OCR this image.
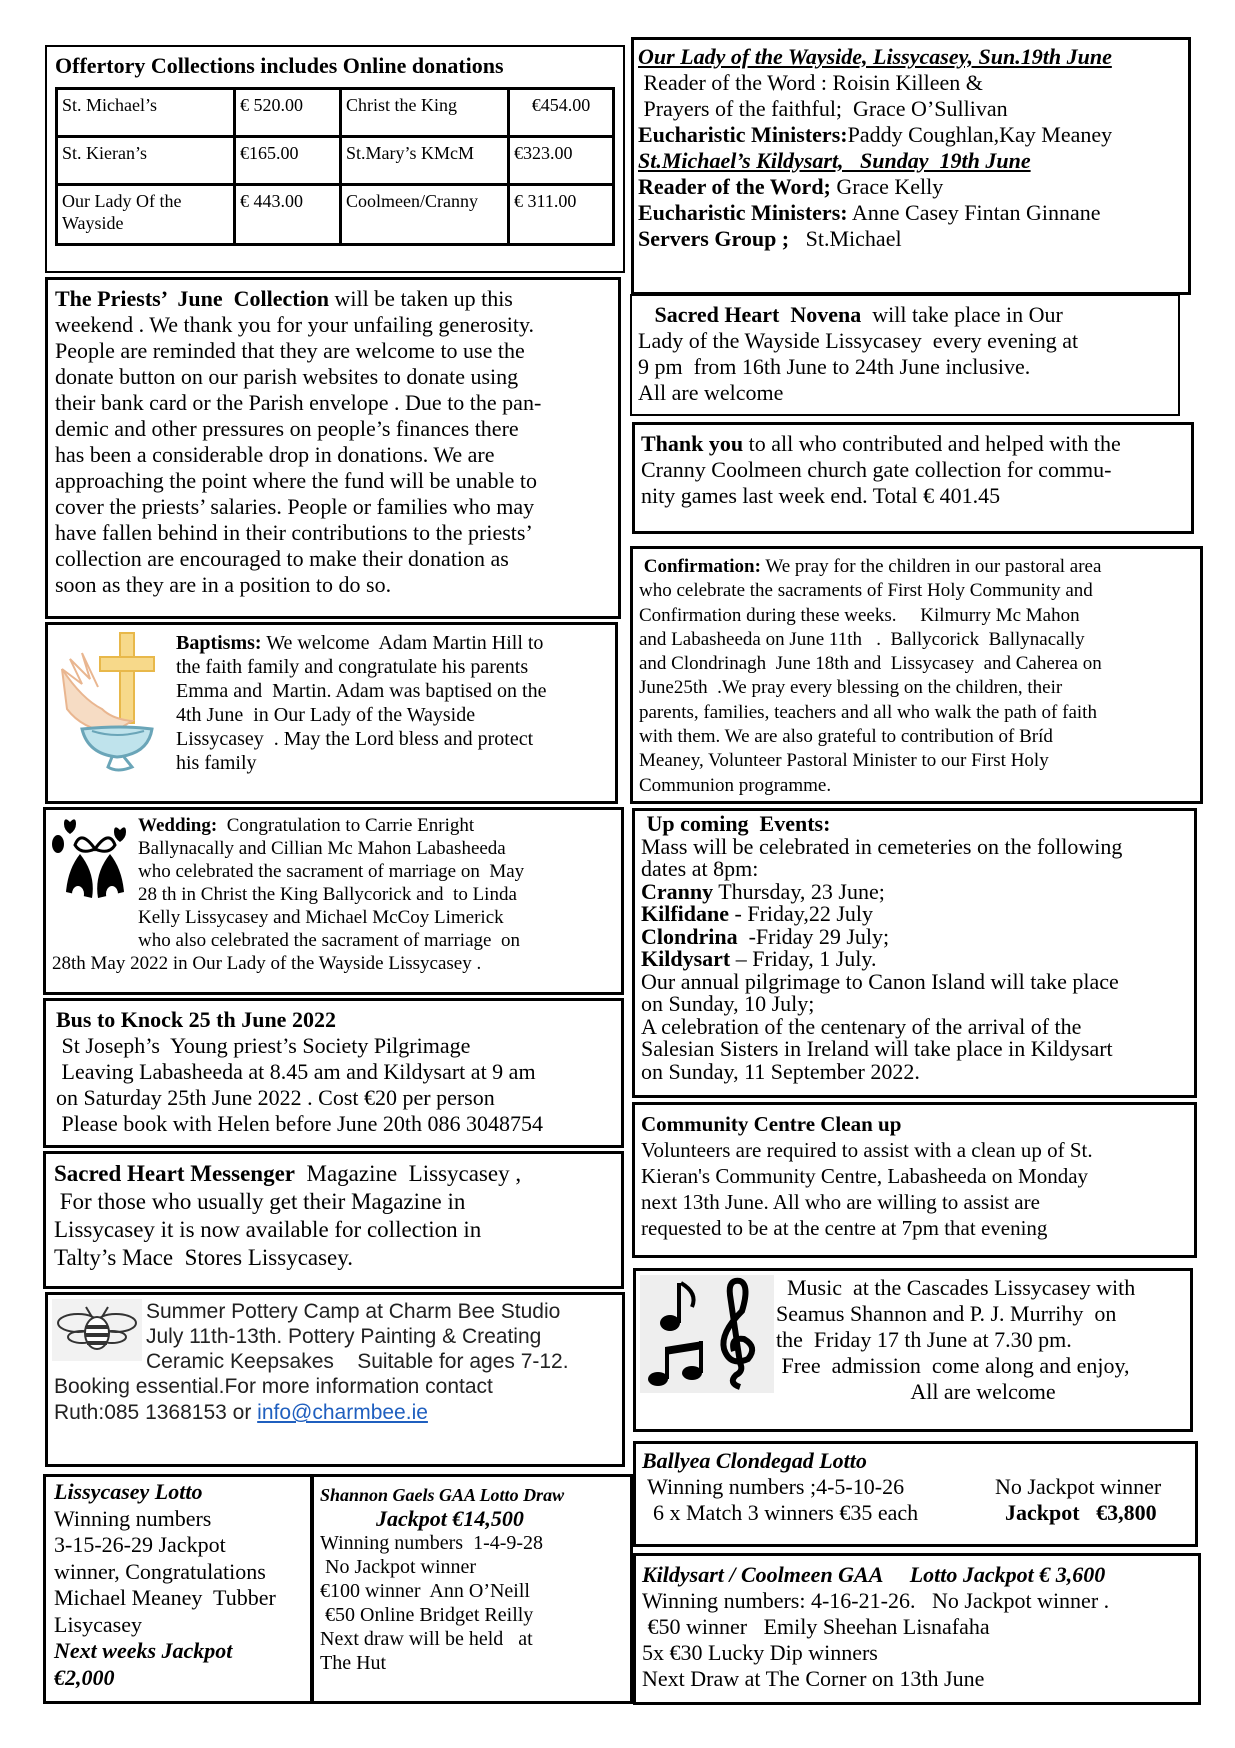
Offertory Collections includes Online donations
St. Michael’s	€ 520.00	Christ the King	€454.00
St. Kieran’s	€165.00	St.Mary’s KMcM	€323.00
Our Lady Of the Wayside	€ 443.00	Coolmeen/Cranny	€ 311.00
The Priests’  June  Collection will be taken up this
weekend . We thank you for your unfailing generosity.
People are reminded that they are welcome to use the
donate button on our parish websites to donate using
their bank card or the Parish envelope . Due to the pan-
demic and other pressures on people’s finances there
has been a considerable drop in donations. We are
approaching the point where the fund will be unable to
cover the priests’ salaries. People or families who may
have fallen behind in their contributions to the priests’
collection are encouraged to make their donation as
soon as they are in a position to do so.
Baptisms: We welcome  Adam Martin Hill to
the faith family and congratulate his parents
Emma and  Martin. Adam was baptised on the
4th June  in Our Lady of the Wayside
Lissycasey  . May the Lord bless and protect
his family
Wedding:  Congratulation to Carrie Enright
Ballynacally and Cillian Mc Mahon Labasheeda
who celebrated the sacrament of marriage on  May
28 th in Christ the King Ballycorick and  to Linda
Kelly Lissycasey and Michael McCoy Limerick
who also celebrated the sacrament of marriage  on
28th May 2022 in Our Lady of the Wayside Lissycasey .
Bus to Knock 25 th June 2022
St Joseph’s  Young priest’s Society Pilgrimage
Leaving Labasheeda at 8.45 am and Kildysart at 9 am
on Saturday 25th June 2022 . Cost €20 per person
Please book with Helen before June 20th 086 3048754
Sacred Heart Messenger  Magazine  Lissycasey ,
For those who usually get their Magazine in
Lissycasey it is now available for collection in
Talty’s Mace  Stores Lissycasey.
Summer Pottery Camp at Charm Bee Studio
July 11th-13th. Pottery Painting & Creating
Ceramic Keepsakes    Suitable for ages 7-12.
Booking essential.For more information contact
Ruth:085 1368153 or info@charmbee.ie
Lissycasey Lotto
Winning numbers
3-15-26-29 Jackpot
winner, Congratulations
Michael Meaney  Tubber
Lisycasey
Next weeks Jackpot
€2,000
Shannon Gaels GAA Lotto Draw
Jackpot €14,500
Winning numbers  1-4-9-28
No Jackpot winner
€100 winner  Ann O’Neill
€50 Online Bridget Reilly
Next draw will be held   at
The Hut
Our Lady of the Wayside, Lissycasey, Sun.19th June
Reader of the Word : Roisin Killeen &
Prayers of the faithful;  Grace O’Sullivan
Eucharistic Ministers:Paddy Coughlan,Kay Meaney
St.Michael’s Kildysart,   Sunday  19th June
Reader of the Word; Grace Kelly
Eucharistic Ministers: Anne Casey Fintan Ginnane
Servers Group ;   St.Michael
Sacred Heart  Novena  will take place in Our
Lady of the Wayside Lissycasey  every evening at
9 pm  from 16th June to 24th June inclusive.
All are welcome
Thank you to all who contributed and helped with the
Cranny Coolmeen church gate collection for commu-
nity games last week end. Total € 401.45
Confirmation: We pray for the children in our pastoral area
who celebrate the sacraments of First Holy Community and
Confirmation during these weeks.     Kilmurry Mc Mahon
and Labasheeda on June 11th   .  Ballycorick  Ballynacally
and Clondrinagh  June 18th and  Lissycasey  and Caherea on
June25th  .We pray every blessing on the children, their
parents, families, teachers and all who walk the path of faith
with them. We are also grateful to contribution of Bríd
Meaney, Volunteer Pastoral Minister to our First Holy
Communion programme.
Up coming  Events:
Mass will be celebrated in cemeteries on the following
dates at 8pm:
Cranny Thursday, 23 June;
Kilfidane - Friday,22 July
Clondrina  -Friday 29 July;
Kildysart – Friday, 1 July.
Our annual pilgrimage to Canon Island will take place
on Sunday, 10 July;
A celebration of the centenary of the arrival of the
Salesian Sisters in Ireland will take place in Kildysart
on Sunday, 11 September 2022.
Community Centre Clean up
Volunteers are required to assist with a clean up of St.
Kieran's Community Centre, Labasheeda on Monday
next 13th June. All who are willing to assist are
requested to be at the centre at 7pm that evening
Music  at the Cascades Lissycasey with
Seamus Shannon and P. J. Murrihy  on
the  Friday 17 th June at 7.30 pm.
Free  admission  come along and enjoy,
All are welcome
Ballyea Clondegad Lotto
Winning numbers ;4-5-10-26	No Jackpot winner
6 x Match 3 winners €35 each	Jackpot   €3,800
Kildysart / Coolmeen GAA     Lotto Jackpot € 3,600
Winning numbers: 4-16-21-26.   No Jackpot winner .
€50 winner   Emily Sheehan Lisnafaha
5x €30 Lucky Dip winners
Next Draw at The Corner on 13th June
